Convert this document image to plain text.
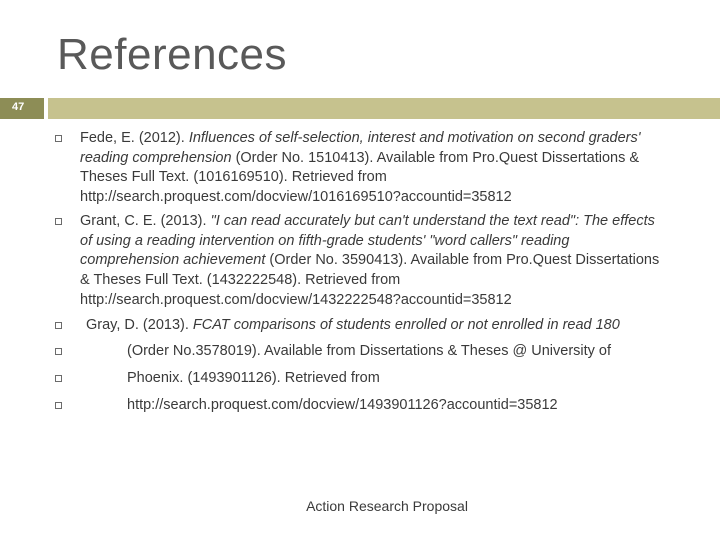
References
47
Fede, E. (2012). Influences of self-selection, interest and motivation on second graders' reading comprehension (Order No. 1510413). Available from Pro.Quest Dissertations & Theses Full Text. (1016169510). Retrieved from http://search.proquest.com/docview/1016169510?accountid=35812
Grant, C. E. (2013). "I can read accurately but can't understand the text read": The effects of using a reading intervention on fifth-grade students' "word callers" reading comprehension achievement (Order No. 3590413). Available from Pro.Quest Dissertations & Theses Full Text. (1432222548). Retrieved from http://search.proquest.com/docview/1432222548?accountid=35812
Gray, D. (2013). FCAT comparisons of students enrolled or not enrolled in read 180
(Order No.3578019). Available from Dissertations & Theses @ University of
Phoenix. (1493901126). Retrieved from
http://search.proquest.com/docview/1493901126?accountid=35812
Action Research Proposal
